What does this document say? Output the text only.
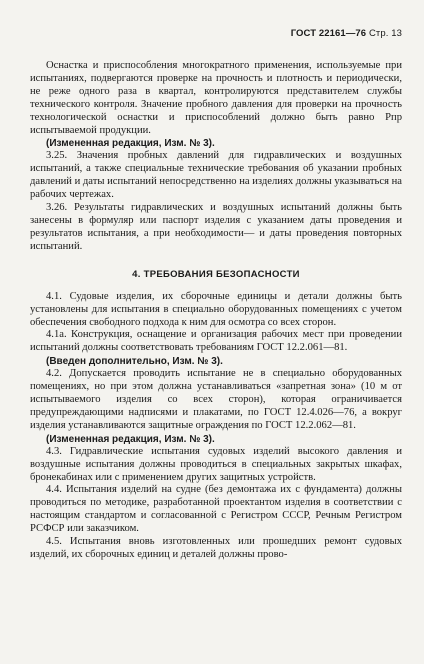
ГОСТ 22161—76 Стр. 13

Оснастка и приспособления многократного применения, используемые при испытаниях, подвергаются проверке на прочность и плотность и периодически, не реже одного раза в квартал, контролируются представителем службы технического контроля. Значение пробного давления для проверки на прочность технологической оснастки и приспособлений должно быть равно Pпр испытываемой продукции.

(Измененная редакция, Изм. № 3).

3.25. Значения пробных давлений для гидравлических и воздушных испытаний, а также специальные технические требования об указании пробных давлений и даты испытаний непосредственно на изделиях должны указываться на рабочих чертежах.

3.26. Результаты гидравлических и воздушных испытаний должны быть занесены в формуляр или паспорт изделия с указанием даты проведения и результатов испытания, а при необходимости— и даты проведения повторных испытаний.

4. ТРЕБОВАНИЯ БЕЗОПАСНОСТИ

4.1. Судовые изделия, их сборочные единицы и детали должны быть установлены для испытания в специально оборудованных помещениях с учетом обеспечения свободного подхода к ним для осмотра со всех сторон.

4.1а. Конструкция, оснащение и организация рабочих мест при проведении испытаний должны соответствовать требованиям ГОСТ 12.2.061—81.

(Введен дополнительно, Изм. № 3).

4.2. Допускается проводить испытание не в специально оборудованных помещениях, но при этом должна устанавливаться «запретная зона» (10 м от испытываемого изделия со всех сторон), которая ограничивается предупреждающими надписями и плакатами, по ГОСТ 12.4.026—76, а вокруг изделия устанавливаются защитные ограждения по ГОСТ 12.2.062—81.

(Измененная редакция, Изм. № 3).

4.3. Гидравлические испытания судовых изделий высокого давления и воздушные испытания должны проводиться в специальных закрытых шкафах, бронекабинах или с применением других защитных устройств.

4.4. Испытания изделий на судне (без демонтажа их с фундамента) должны проводиться по методике, разработанной проектантом изделия в соответствии с настоящим стандартом и согласованной с Регистром СССР, Речным Регистром РСФСР или заказчиком.

4.5. Испытания вновь изготовленных или прошедших ремонт судовых изделий, их сборочных единиц и деталей должны прово-
